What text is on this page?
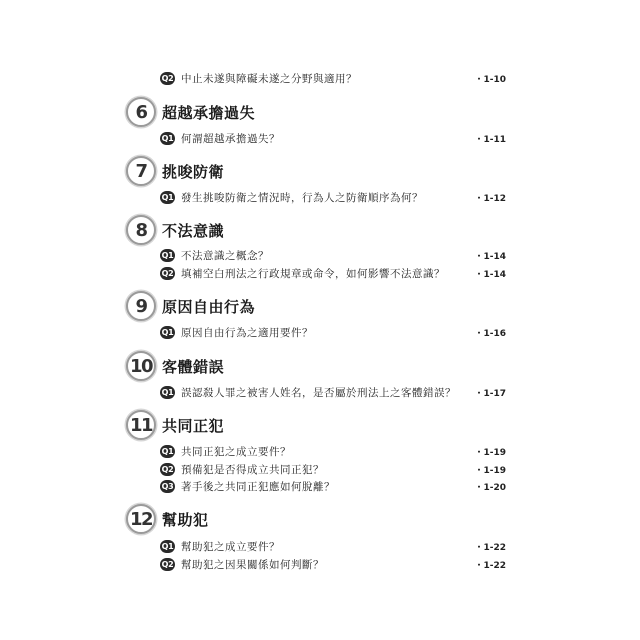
Q2 中止未遂與障礙未遂之分野與適用？	・1-10
6	超越承擔過失
Q1 何謂超越承擔過失？	・1-11
7	挑唆防衛
Q1 發生挑唆防衛之情況時，行為人之防衛順序為何？	・1-12
8	不法意識
Q1 不法意識之概念？	・1-14
Q2 填補空白刑法之行政規章或命令，如何影響不法意識？	・1-14
9	原因自由行為
Q1 原因自由行為之適用要件？	・1-16
10 客體錯誤
Q1 誤認殺人罪之被害人姓名，是否屬於刑法上之客體錯誤？	・1-17
11 共同正犯
Q1 共同正犯之成立要件？	・1-19
Q2 預備犯是否得成立共同正犯？	・1-19
Q3 著手後之共同正犯應如何脫離？	・1-20
12 幫助犯
Q1 幫助犯之成立要件？	・1-22
Q2 幫助犯之因果關係如何判斷？	・1-22
